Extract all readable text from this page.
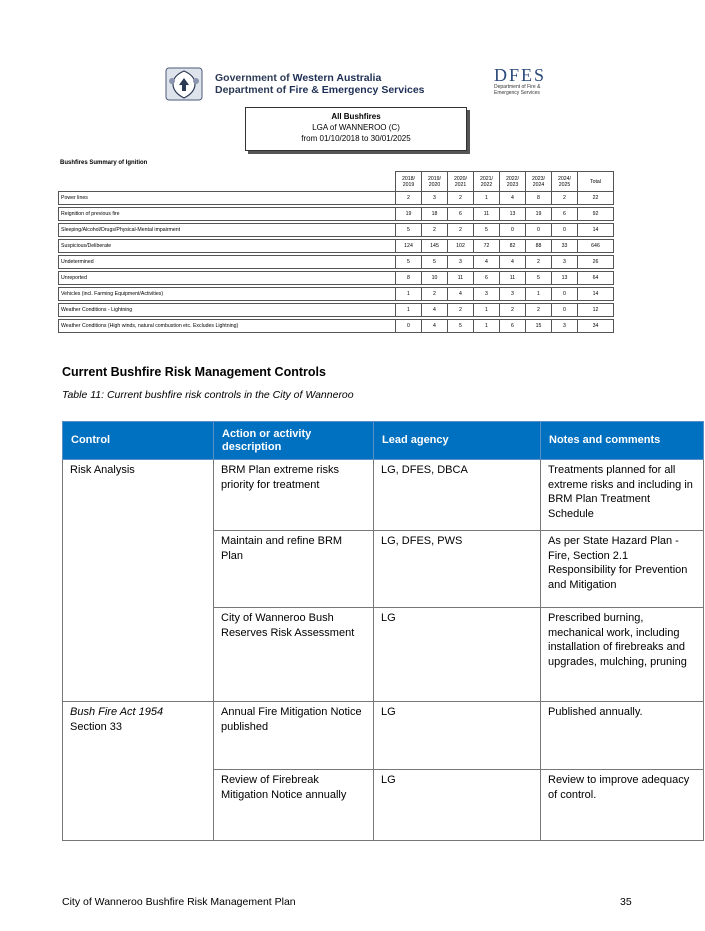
Government of Western Australia
Department of Fire & Emergency Services
DFES
Department of Fire &
Emergency Services
All Bushfires
LGA of WANNEROO (C)
from 01/10/2018 to 30/01/2025
Bushfires Summary of Ignition
	2018/ 2019	2019/ 2020	2020/ 2021	2021/ 2022	2022/ 2023	2023/ 2024	2024/ 2025	Total
Power lines	2	3	2	1	4	8	2	22

Reignition of previous fire	19	18	6	11	13	19	6	92

Sleeping/Alcohol/Drugs/Physical-Mental impairment	5	2	2	5	0	0	0	14

Suspicious/Deliberate	124	145	102	72	82	88	33	646

Undetermined	5	5	3	4	4	2	3	26

Unreported	8	10	11	6	11	5	13	64

Vehicles (incl. Farming Equipment/Activities)	1	2	4	3	3	1	0	14

Weather Conditions - Lightning	1	4	2	1	2	2	0	12

Weather Conditions (High winds, natural combustion etc. Excludes Lightning)	0	4	5	1	6	15	3	34
Current Bushfire Risk Management Controls
Table 11: Current bushfire risk controls in the City of Wanneroo
Control	Action or activity description	Lead agency	Notes and comments
Risk Analysis	BRM Plan extreme risks priority for treatment	LG, DFES, DBCA	Treatments planned for all extreme risks and including in BRM Plan Treatment Schedule
	Maintain and refine BRM Plan	LG, DFES, PWS	As per State Hazard Plan - Fire, Section 2.1 Responsibility for Prevention and Mitigation
	City of Wanneroo Bush Reserves Risk Assessment	LG	Prescribed burning, mechanical work, including installation of firebreaks and upgrades, mulching, pruning
Bush Fire Act 1954
Section 33	Annual Fire Mitigation Notice published	LG	Published annually.
	Review of Firebreak Mitigation Notice annually	LG	Review to improve adequacy of control.
City of Wanneroo Bushfire Risk Management Plan	35
